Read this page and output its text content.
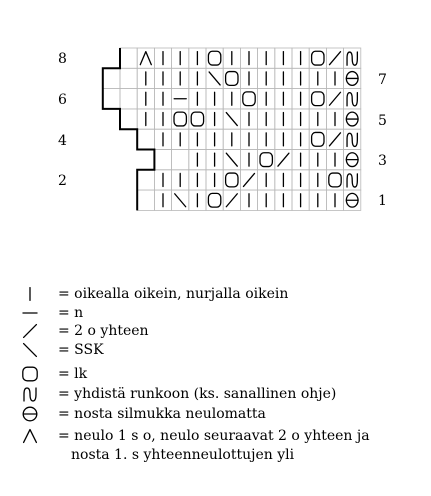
8
6
4
2
7
5
3
1
= oikealla oikein, nurjalla oikein
= n
= 2 o yhteen
= SSK
= lk
= yhdistä runkoon (ks. sanallinen ohje)
= nosta silmukka neulomatta
= neulo 1 s o, neulo seuraavat 2 o yhteen ja
nosta 1. s yhteenneulottujen yli
